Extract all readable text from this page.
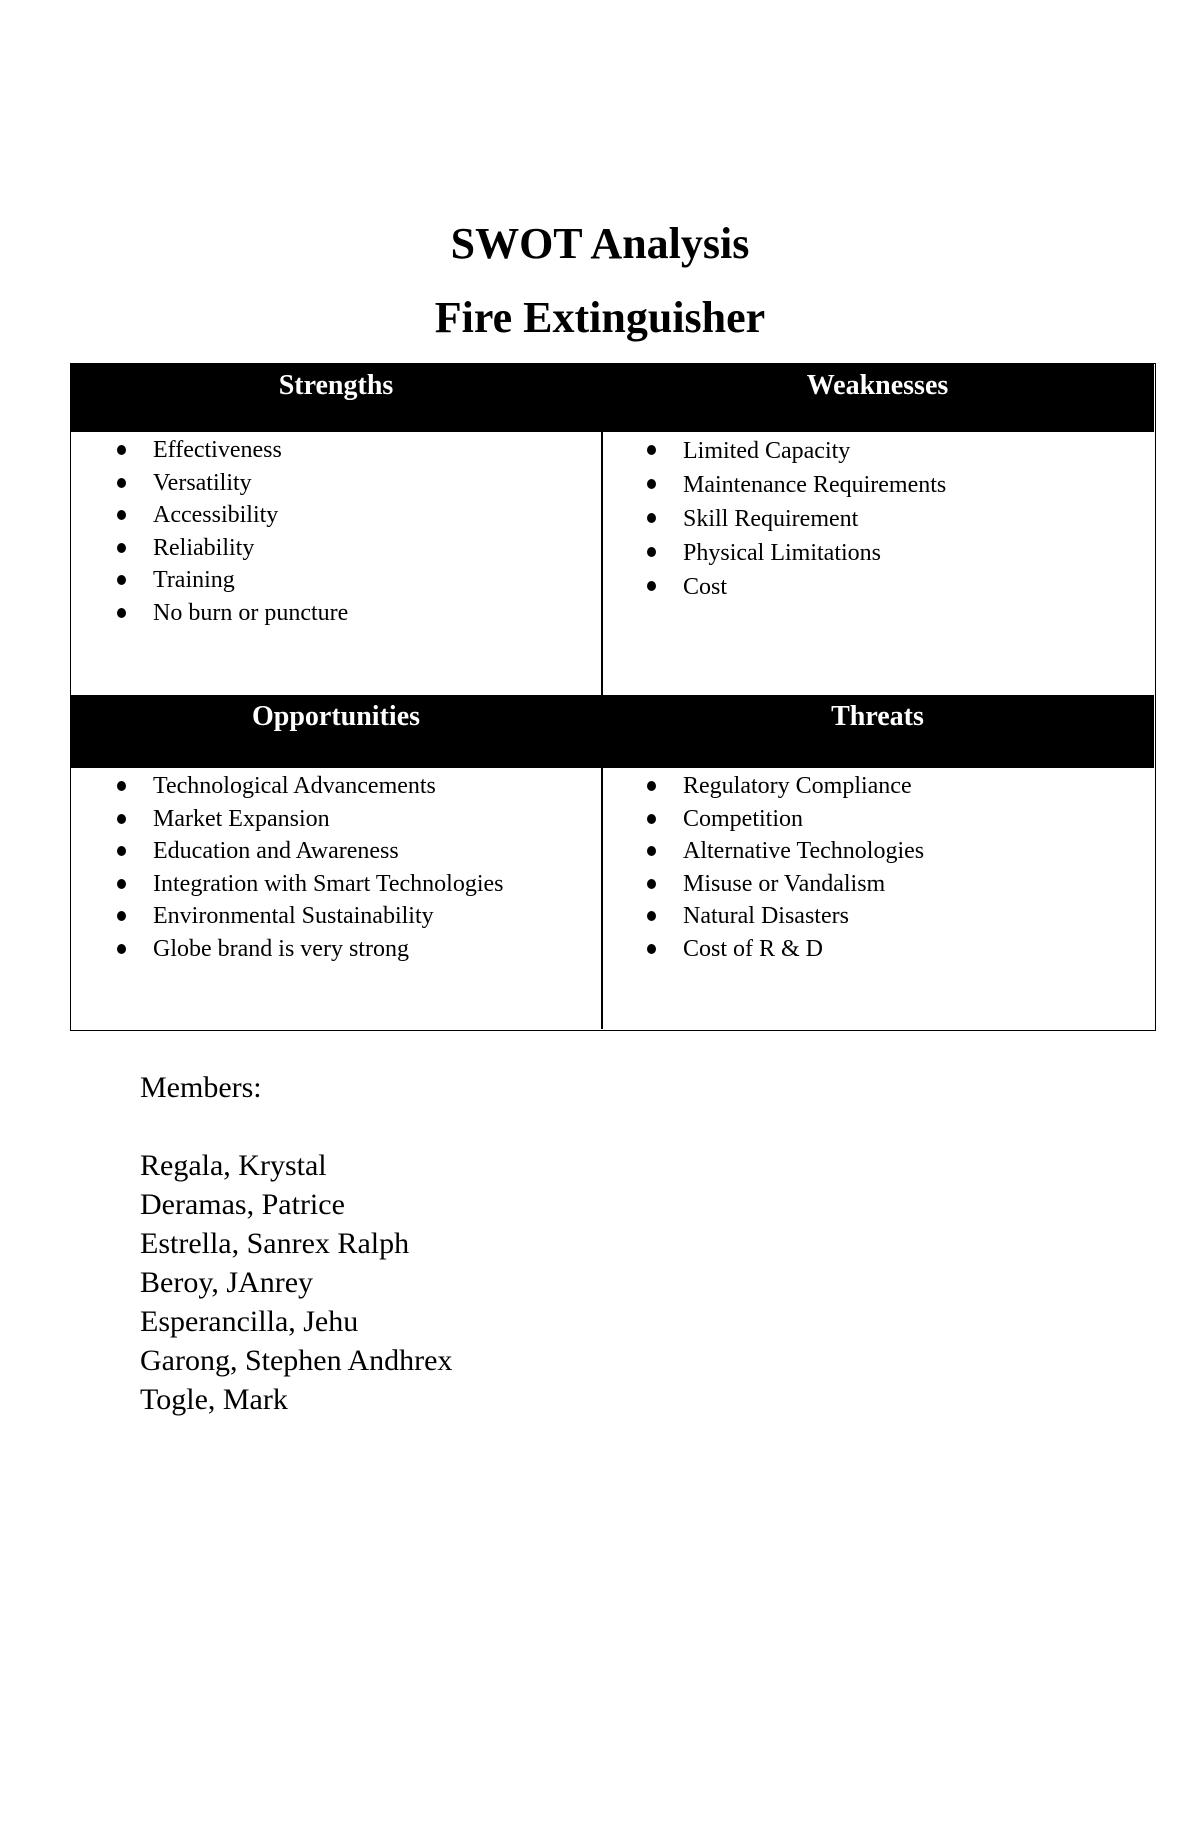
SWOT Analysis
Fire Extinguisher
Strengths	Weaknesses
Effectiveness
Versatility
Accessibility
Reliability
Training
No burn or puncture
Limited Capacity
Maintenance Requirements
Skill Requirement
Physical Limitations
Cost
Opportunities	Threats
Technological Advancements
Market Expansion
Education and Awareness
Integration with Smart Technologies
Environmental Sustainability
Globe brand is very strong
Regulatory Compliance
Competition
Alternative Technologies
Misuse or Vandalism
Natural Disasters
Cost of R & D
Members:
Regala, Krystal
Deramas, Patrice
Estrella, Sanrex Ralph
Beroy, JAnrey
Esperancilla, Jehu
Garong, Stephen Andhrex
Togle, Mark
